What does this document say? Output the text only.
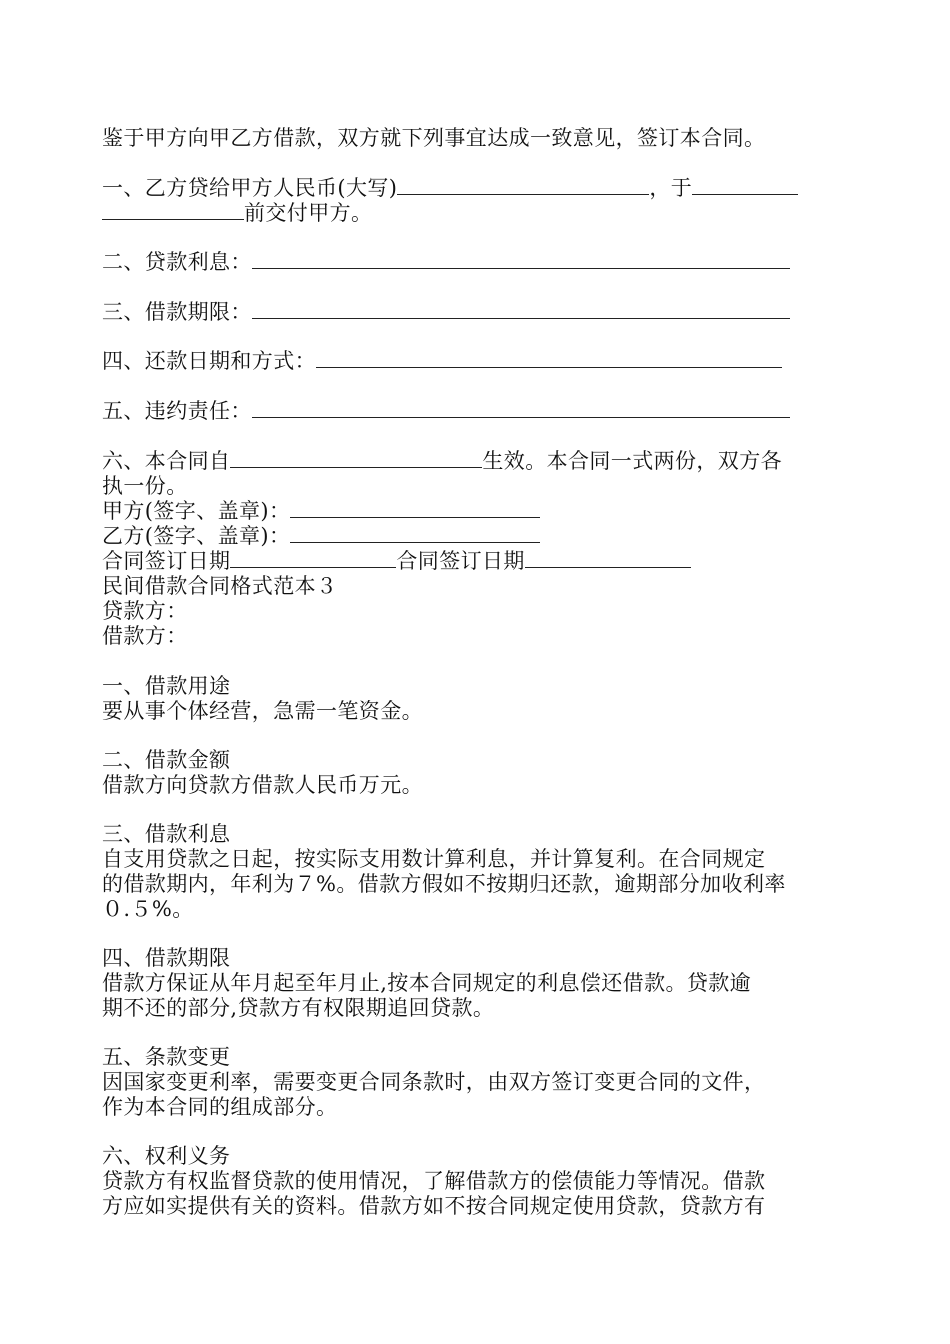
鉴于甲方向甲乙方借款，双方就下列事宜达成一致意见，签订本合同。
一、乙方贷给甲方人民币(大写)	，于
前交付甲方。
二、贷款利息：
三、借款期限：
四、还款日期和方式：
五、违约责任：
六、本合同自	生效。本合同一式两份，双方各
执一份。
甲方(签字、盖章)：
乙方(签字、盖章)：
合同签订日期	合同签订日期
民间借款合同格式范本３
贷款方：
借款方：
一、借款用途
要从事个体经营，急需一笔资金。
二、借款金额
借款方向贷款方借款人民币万元。
三、借款利息
自支用贷款之日起，按实际支用数计算利息，并计算复利。在合同规定
的借款期内，年利为７%。借款方假如不按期归还款，逾期部分加收利率
０.５%。
四、借款期限
借款方保证从年月起至年月止,按本合同规定的利息偿还借款。贷款逾
期不还的部分,贷款方有权限期追回贷款。
五、条款变更
因国家变更利率，需要变更合同条款时，由双方签订变更合同的文件，
作为本合同的组成部分。
六、权利义务
贷款方有权监督贷款的使用情况，了解借款方的偿债能力等情况。借款
方应如实提供有关的资料。借款方如不按合同规定使用贷款，贷款方有
